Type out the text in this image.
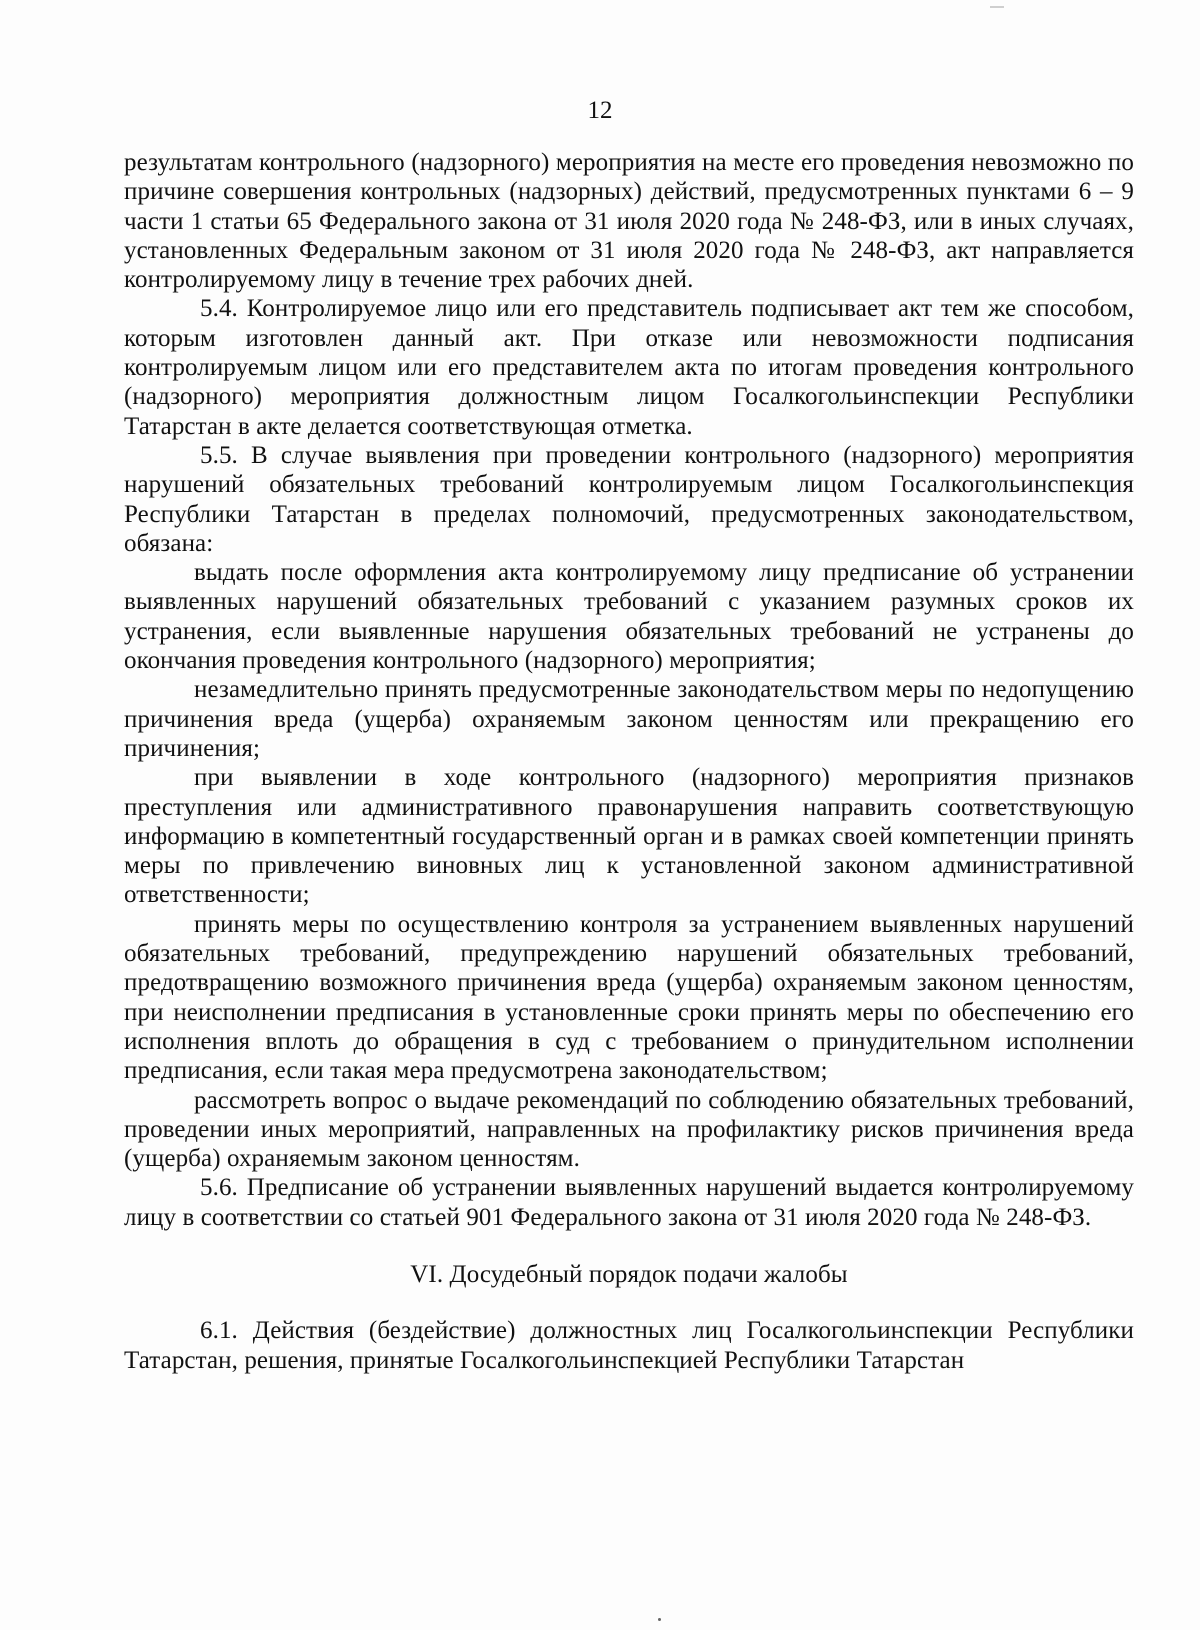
12

результатам контрольного (надзорного) мероприятия на месте его проведения невозможно по причине совершения контрольных (надзорных) действий, предусмотренных пунктами 6 – 9 части 1 статьи 65 Федерального закона от 31 июля 2020 года № 248-ФЗ, или в иных случаях, установленных Федеральным законом от 31 июля 2020 года № 248-ФЗ, акт направляется контролируемому лицу в течение трех рабочих дней.

5.4. Контролируемое лицо или его представитель подписывает акт тем же способом, которым изготовлен данный акт. При отказе или невозможности подписания контролируемым лицом или его представителем акта по итогам проведения контрольного (надзорного) мероприятия должностным лицом Госалкогольинспекции Республики Татарстан в акте делается соответствующая отметка.

5.5. В случае выявления при проведении контрольного (надзорного) мероприятия нарушений обязательных требований контролируемым лицом Госалкогольинспекция Республики Татарстан в пределах полномочий, предусмотренных законодательством, обязана:

выдать после оформления акта контролируемому лицу предписание об устранении выявленных нарушений обязательных требований с указанием разумных сроков их устранения, если выявленные нарушения обязательных требований не устранены до окончания проведения контрольного (надзорного) мероприятия;

незамедлительно принять предусмотренные законодательством меры по недопущению причинения вреда (ущерба) охраняемым законом ценностям или прекращению его причинения;

при выявлении в ходе контрольного (надзорного) мероприятия признаков преступления или административного правонарушения направить соответствующую информацию в компетентный государственный орган и в рамках своей компетенции принять меры по привлечению виновных лиц к установленной законом административной ответственности;

принять меры по осуществлению контроля за устранением выявленных нарушений обязательных требований, предупреждению нарушений обязательных требований, предотвращению возможного причинения вреда (ущерба) охраняемым законом ценностям, при неисполнении предписания в установленные сроки принять меры по обеспечению его исполнения вплоть до обращения в суд с требованием о принудительном исполнении предписания, если такая мера предусмотрена законодательством;

рассмотреть вопрос о выдаче рекомендаций по соблюдению обязательных требований, проведении иных мероприятий, направленных на профилактику рисков причинения вреда (ущерба) охраняемым законом ценностям.

5.6. Предписание об устранении выявленных нарушений выдается контролируемому лицу в соответствии со статьей 901 Федерального закона от 31 июля 2020 года № 248-ФЗ.

VI. Досудебный порядок подачи жалобы

6.1. Действия (бездействие) должностных лиц Госалкогольинспекции Республики Татарстан, решения, принятые Госалкогольинспекцией Республики Татарстан
